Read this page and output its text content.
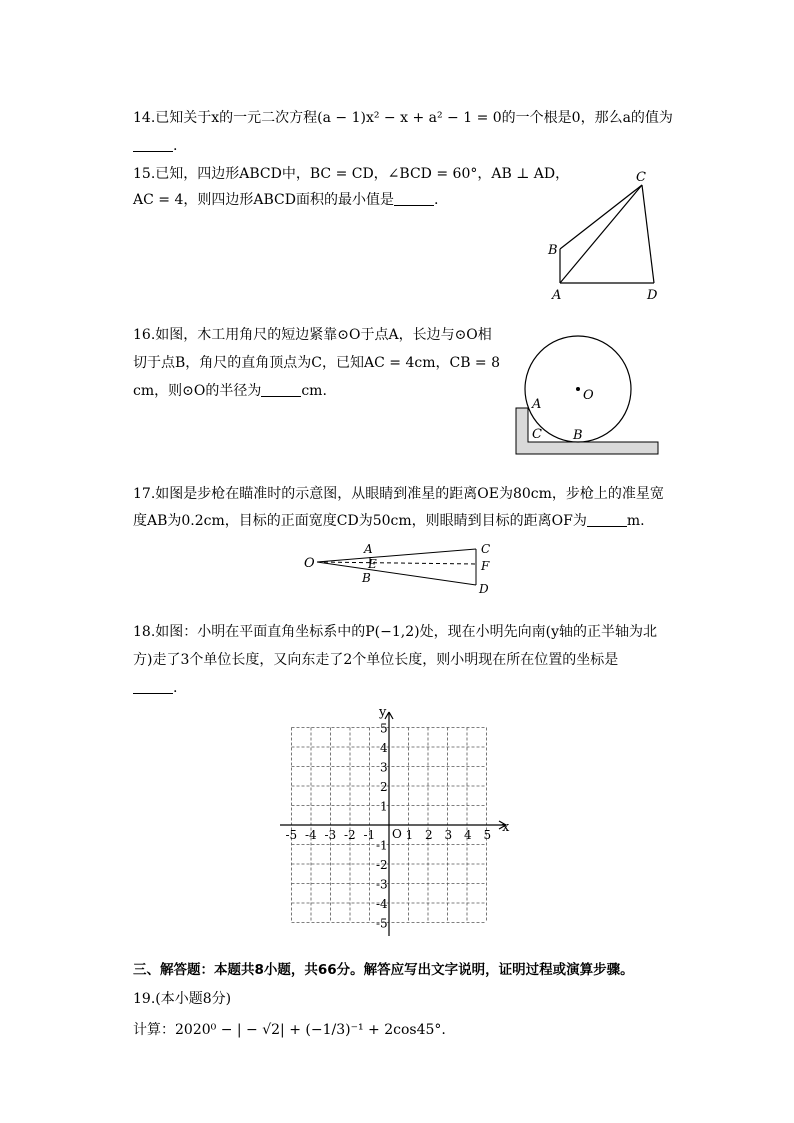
14.已知关于x的一元二次方程(a − 1)x² − x + a² − 1 = 0的一个根是0，那么a的值为
.
15.已知，四边形ABCD中，BC = CD，∠BCD = 60°，AB ⊥ AD，
AC = 4，则四边形ABCD面积的最小值是	.
C
B
A	D
16.如图，木工用角尺的短边紧靠⊙O于点A，长边与⊙O相
切于点B，角尺的直角顶点为C，已知AC = 4cm，CB = 8
cm，则⊙O的半径为	cm.	O
A
C B
17.如图是步枪在瞄准时的示意图，从眼睛到准星的距离OE为80cm，步枪上的准星宽
度AB为0.2cm，目标的正面宽度CD为50cm，则眼睛到目标的距离OF为	m.
O
A
E
B
C
F
D
18.如图：小明在平面直角坐标系中的P(−1,2)处，现在小明先向南(y轴的正半轴为北
方)走了3个单位长度，又向东走了2个单位长度，则小明现在所在位置的坐标是
.
x
y
O
-5 -4 -3 -2 -1	1 2 3 4 5
5
4
3
2
1
-1
-2
-3
-4
-5
三、解答题：本题共8小题，共66分。解答应写出文字说明，证明过程或演算步骤。
19.(本小题8分)
计算：2020⁰ − | − √2| + (−1/3)⁻¹ + 2cos45°.
